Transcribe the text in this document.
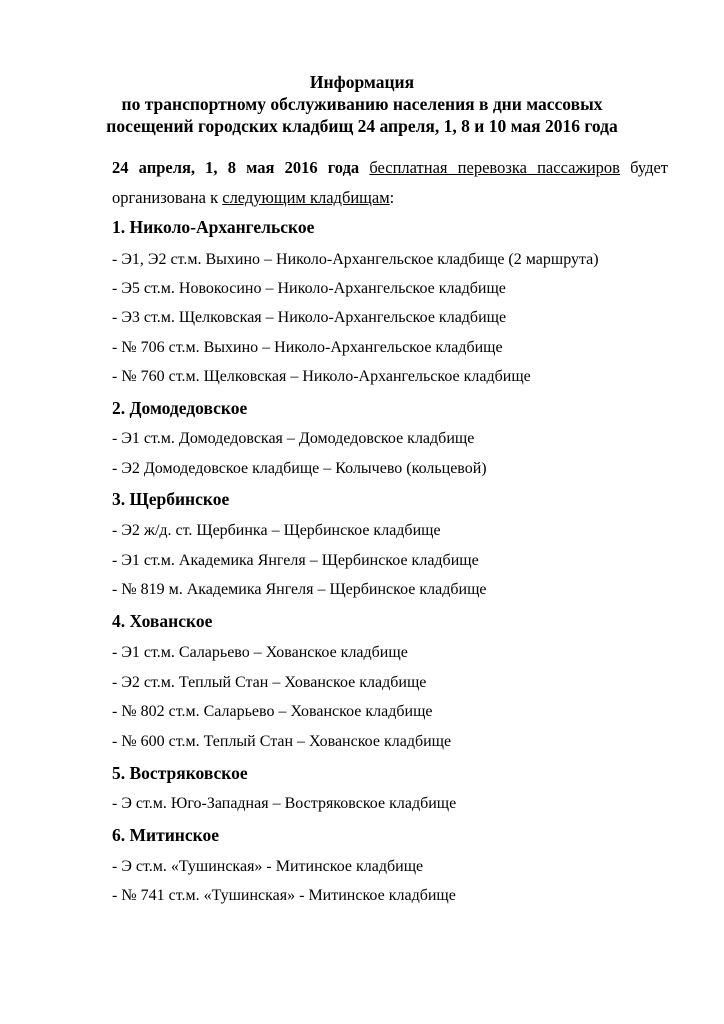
Информация
по транспортному обслуживанию населения в дни массовых
посещений городских кладбищ 24 апреля, 1, 8 и 10 мая 2016 года
24 апреля, 1, 8 мая 2016 года бесплатная перевозка пассажиров будет
организована к следующим кладбищам:
1. Николо-Архангельское
- Э1, Э2 ст.м. Выхино – Николо-Архангельское кладбище (2 маршрута)
- Э5 ст.м. Новокосино – Николо-Архангельское кладбище
- Э3 ст.м. Щелковская – Николо-Архангельское кладбище
- № 706 ст.м. Выхино – Николо-Архангельское кладбище
- № 760 ст.м. Щелковская – Николо-Архангельское кладбище
2. Домодедовское
- Э1 ст.м. Домодедовская – Домодедовское кладбище
- Э2 Домодедовское кладбище – Колычево (кольцевой)
3. Щербинское
- Э2 ж/д. ст. Щербинка – Щербинское кладбище
- Э1 ст.м. Академика Янгеля – Щербинское кладбище
- № 819 м. Академика Янгеля – Щербинское кладбище
4. Хованское
- Э1 ст.м. Саларьево – Хованское кладбище
- Э2 ст.м. Теплый Стан – Хованское кладбище
- № 802 ст.м. Саларьево – Хованское кладбище
- № 600 ст.м. Теплый Стан – Хованское кладбище
5. Востряковское
- Э ст.м. Юго-Западная – Востряковское кладбище
6. Митинское
- Э ст.м. «Тушинская» - Митинское кладбище
- № 741 ст.м. «Тушинская» - Митинское кладбище
